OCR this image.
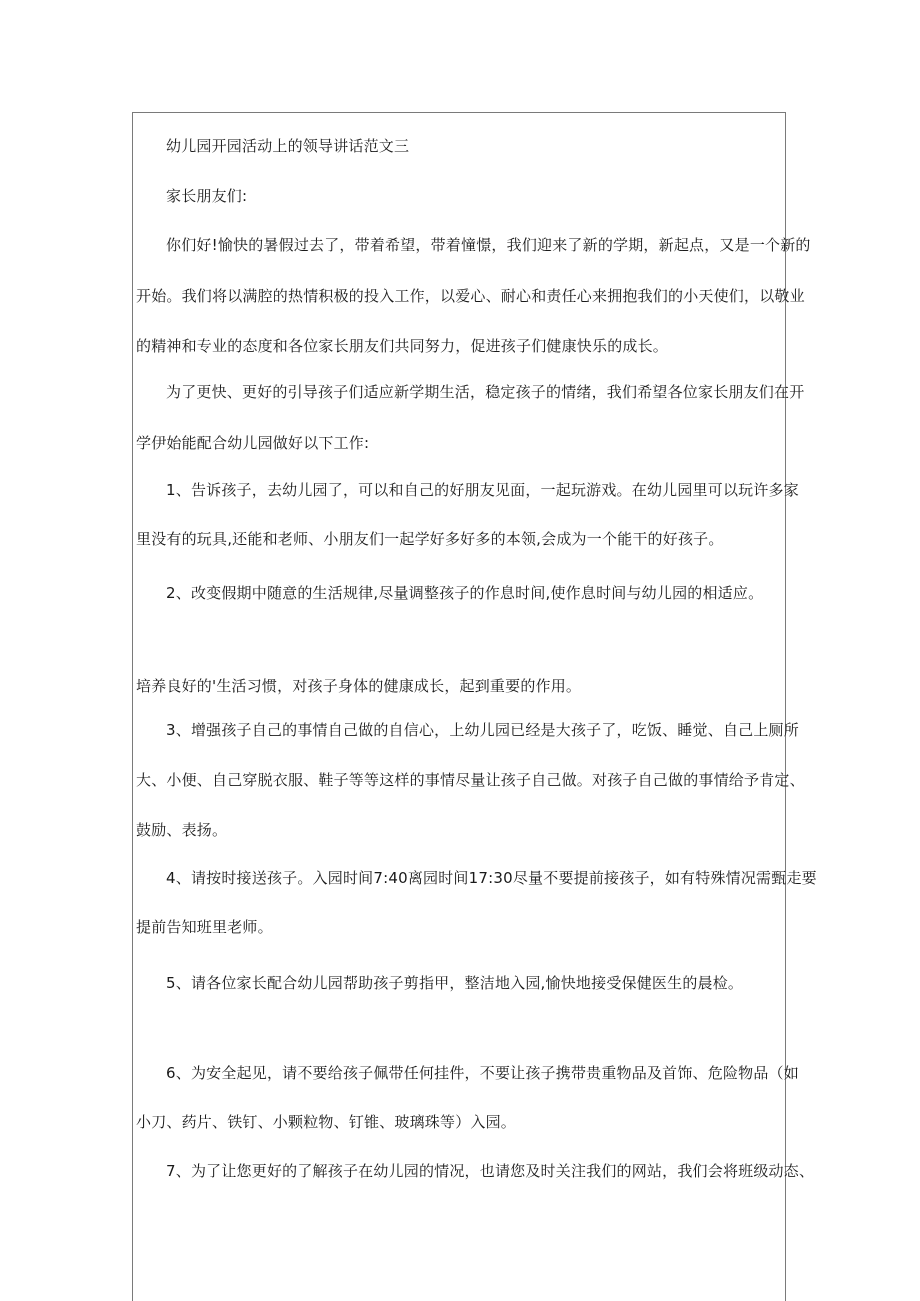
幼儿园开园活动上的领导讲话范文三
家长朋友们:
你们好!愉快的暑假过去了，带着希望，带着憧憬，我们迎来了新的学期，新起点，又是一个新的
开始。我们将以满腔的热情积极的投入工作，以爱心、耐心和责任心来拥抱我们的小天使们，以敬业
的精神和专业的态度和各位家长朋友们共同努力，促进孩子们健康快乐的成长。
为了更快、更好的引导孩子们适应新学期生活，稳定孩子的情绪，我们希望各位家长朋友们在开
学伊始能配合幼儿园做好以下工作:
1、告诉孩子，去幼儿园了，可以和自己的好朋友见面，一起玩游戏。在幼儿园里可以玩许多家
里没有的玩具,还能和老师、小朋友们一起学好多好多的本领,会成为一个能干的好孩子。
2、改变假期中随意的生活规律,尽量调整孩子的作息时间,使作息时间与幼儿园的相适应。
培养良好的'生活习惯，对孩子身体的健康成长，起到重要的作用。
3、增强孩子自己的事情自己做的自信心，上幼儿园已经是大孩子了，吃饭、睡觉、自己上厕所
大、小便、自己穿脱衣服、鞋子等等这样的事情尽量让孩子自己做。对孩子自己做的事情给予肯定、
鼓励、表扬。
4、请按时接送孩子。入园时间7:40离园时间17:30尽量不要提前接孩子，如有特殊情况需甄走要
提前告知班里老师。
5、请各位家长配合幼儿园帮助孩子剪指甲，整洁地入园,愉快地接受保健医生的晨检。
6、为安全起见，请不要给孩子佩带任何挂件，不要让孩子携带贵重物品及首饰、危险物品（如
小刀、药片、铁钉、小颗粒物、钉锥、玻璃珠等）入园。
7、为了让您更好的了解孩子在幼儿园的情况，也请您及时关注我们的网站，我们会将班级动态、
